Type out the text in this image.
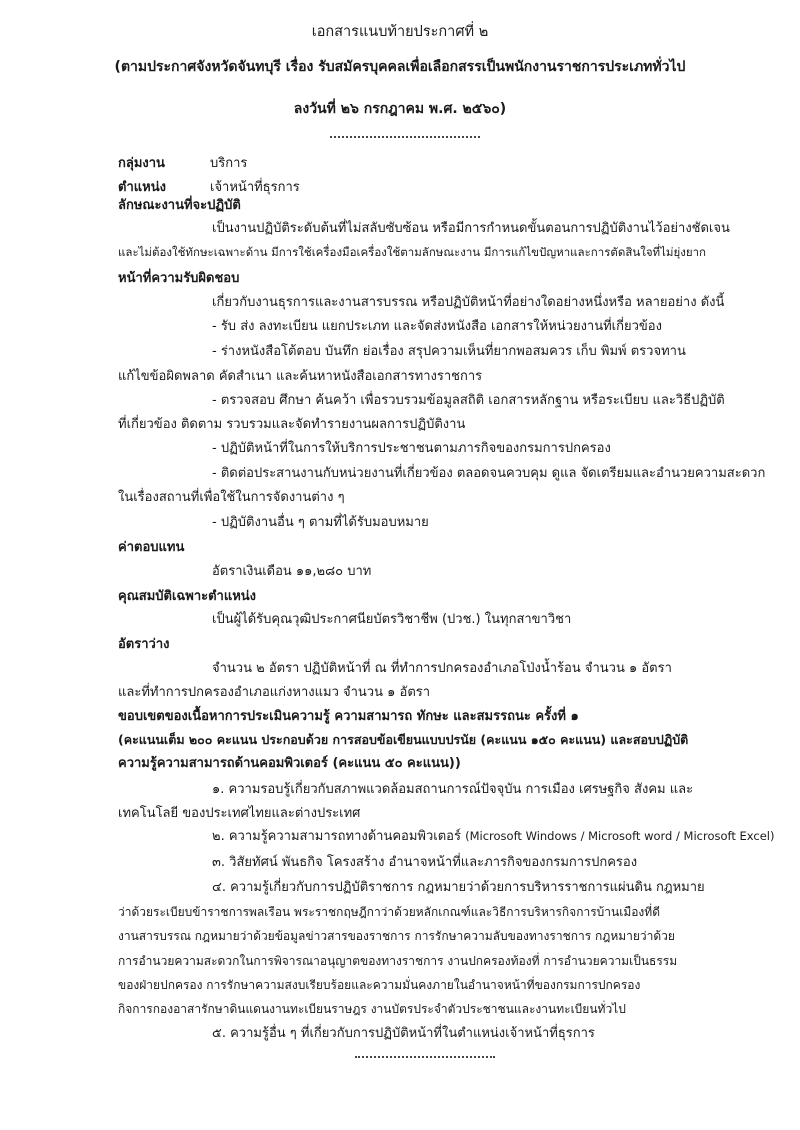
เอกสารแนบท้ายประกาศที่ ๒
(ตามประกาศจังหวัดจันทบุรี เรื่อง รับสมัครบุคคลเพื่อเลือกสรรเป็นพนักงานราชการประเภททั่วไป
ลงวันที่ ๒๖ กรกฎาคม พ.ศ. ๒๕๖๐)
กลุ่มงาน	บริการ
ตำแหน่ง	เจ้าหน้าที่ธุรการ
ลักษณะงานที่จะปฏิบัติ
เป็นงานปฏิบัติระดับต้นที่ไม่สลับซับซ้อน หรือมีการกำหนดขั้นตอนการปฏิบัติงานไว้อย่างชัดเจน
และไม่ต้องใช้ทักษะเฉพาะด้าน มีการใช้เครื่องมือเครื่องใช้ตามลักษณะงาน มีการแก้ไขปัญหาและการตัดสินใจที่ไม่ยุ่งยาก
หน้าที่ความรับผิดชอบ
เกี่ยวกับงานธุรการและงานสารบรรณ หรือปฏิบัติหน้าที่อย่างใดอย่างหนึ่งหรือ หลายอย่าง ดังนี้
- รับ ส่ง ลงทะเบียน แยกประเภท และจัดส่งหนังสือ เอกสารให้หน่วยงานที่เกี่ยวข้อง
- ร่างหนังสือโต้ตอบ บันทึก ย่อเรื่อง สรุปความเห็นที่ยากพอสมควร เก็บ พิมพ์ ตรวจทาน
แก้ไขข้อผิดพลาด คัดสำเนา และค้นหาหนังสือเอกสารทางราชการ
- ตรวจสอบ ศึกษา ค้นคว้า เพื่อรวบรวมข้อมูลสถิติ เอกสารหลักฐาน หรือระเบียบ และวิธีปฏิบัติ
ที่เกี่ยวข้อง ติดตาม รวบรวมและจัดทำรายงานผลการปฏิบัติงาน
- ปฏิบัติหน้าที่ในการให้บริการประชาชนตามภารกิจของกรมการปกครอง
- ติดต่อประสานงานกับหน่วยงานที่เกี่ยวข้อง ตลอดจนควบคุม ดูแล จัดเตรียมและอำนวยความสะดวก
ในเรื่องสถานที่เพื่อใช้ในการจัดงานต่าง ๆ
- ปฏิบัติงานอื่น ๆ ตามที่ได้รับมอบหมาย
ค่าตอบแทน
อัตราเงินเดือน ๑๑,๒๘๐ บาท
คุณสมบัติเฉพาะตำแหน่ง
เป็นผู้ได้รับคุณวุฒิประกาศนียบัตรวิชาชีพ (ปวช.) ในทุกสาขาวิชา
อัตราว่าง
จำนวน ๒ อัตรา ปฏิบัติหน้าที่ ณ ที่ทำการปกครองอำเภอโป่งน้ำร้อน จำนวน ๑ อัตรา
และที่ทำการปกครองอำเภอแก่งหางแมว จำนวน ๑ อัตรา
ขอบเขตของเนื้อหาการประเมินความรู้ ความสามารถ ทักษะ และสมรรถนะ ครั้งที่ ๑
(คะแนนเต็ม ๒๐๐ คะแนน ประกอบด้วย การสอบข้อเขียนแบบปรนัย (คะแนน ๑๕๐ คะแนน) และสอบปฏิบัติ
ความรู้ความสามารถด้านคอมพิวเตอร์ (คะแนน ๕๐ คะแนน))
๑. ความรอบรู้เกี่ยวกับสภาพแวดล้อมสถานการณ์ปัจจุบัน การเมือง เศรษฐกิจ สังคม และ
เทคโนโลยี ของประเทศไทยและต่างประเทศ
๒. ความรู้ความสามารถทางด้านคอมพิวเตอร์ (Microsoft Windows / Microsoft word / Microsoft Excel)
๓. วิสัยทัศน์ พันธกิจ โครงสร้าง อำนาจหน้าที่และภารกิจของกรมการปกครอง
๔. ความรู้เกี่ยวกับการปฏิบัติราชการ กฎหมายว่าด้วยการบริหารราชการแผ่นดิน กฎหมาย
ว่าด้วยระเบียบข้าราชการพลเรือน พระราชกฤษฎีกาว่าด้วยหลักเกณฑ์และวิธีการบริหารกิจการบ้านเมืองที่ดี
งานสารบรรณ กฎหมายว่าด้วยข้อมูลข่าวสารของราชการ การรักษาความลับของทางราชการ กฎหมายว่าด้วย
การอำนวยความสะดวกในการพิจารณาอนุญาตของทางราชการ งานปกครองท้องที่ การอำนวยความเป็นธรรม
ของฝ่ายปกครอง การรักษาความสงบเรียบร้อยและความมั่นคงภายในอำนาจหน้าที่ของกรมการปกครอง
กิจการกองอาสารักษาดินแดนงานทะเบียนราษฎร งานบัตรประจำตัวประชาชนและงานทะเบียนทั่วไป
๕. ความรู้อื่น ๆ ที่เกี่ยวกับการปฏิบัติหน้าที่ในตำแหน่งเจ้าหน้าที่ธุรการ
